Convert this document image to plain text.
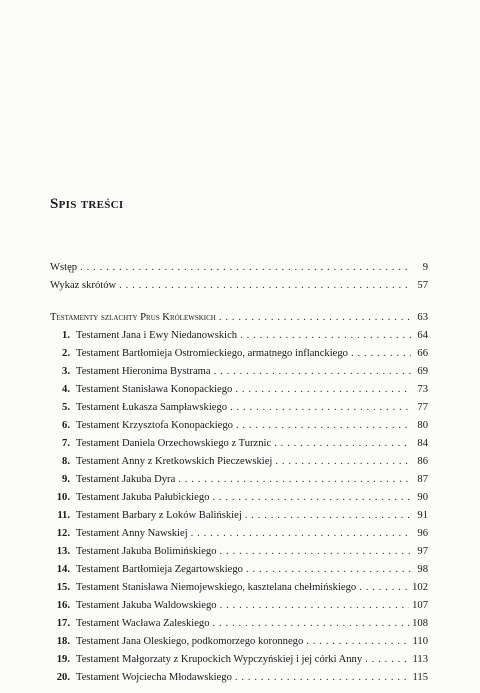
Spis treści
Wstęp . . .	9
Wykaz skrótów . . .	57
Testamenty szlachty Prus Królewskich . . .	63
1. Testament Jana i Ewy Niedanowskich . . .	64
2. Testament Bartłomieja Ostromieckiego, armatnego inflanckiego . . .	66
3. Testament Hieronima Bystrama . . .	69
4. Testament Stanisława Konopackiego . . .	73
5. Testament Łukasza Sampławskiego . . .	77
6. Testament Krzysztofa Konopackiego . . .	80
7. Testament Daniela Orzechowskiego z Turznic . . .	84
8. Testament Anny z Kretkowskich Pieczewskiej . . .	86
9. Testament Jakuba Dyra . . .	87
10. Testament Jakuba Pałubickiego . . .	90
11. Testament Barbary z Loków Balińskiej . . .	91
12. Testament Anny Nawskiej . . .	96
13. Testament Jakuba Bolimińskiego . . .	97
14. Testament Bartłomieja Zegartowskiego . . .	98
15. Testament Stanisława Niemojewskiego, kasztelana chełmińskiego . . .	102
16. Testament Jakuba Waldowskiego . . .	107
17. Testament Wacława Zaleskiego . . .	108
18. Testament Jana Oleskiego, podkomorzego koronnego . . .	110
19. Testament Małgorzaty z Krupockich Wypczyńskiej i jej córki Anny . . .	113
20. Testament Wojciecha Młodawskiego . . .	115
